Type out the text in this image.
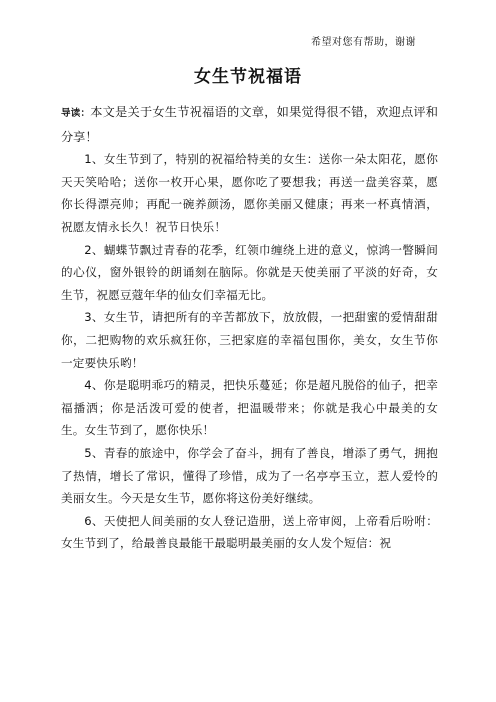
希望对您有帮助，谢谢
女生节祝福语

导读：本文是关于女生节祝福语的文章，如果觉得很不错，欢迎点评和分享！

1、女生节到了，特别的祝福给特美的女生：送你一朵太阳花，愿你天天笑哈哈；送你一枚开心果，愿你吃了要想我；再送一盘美容菜，愿你长得漂亮帅；再配一碗养颜汤，愿你美丽又健康；再来一杯真情酒，祝愿友情永长久！祝节日快乐！

2、蝴蝶节飘过青春的花季，红领巾缠绕上进的意义，惊鸿一瞥瞬间的心仪，窗外银铃的朗诵刻在脑际。你就是天使美丽了平淡的好奇，女生节，祝愿豆蔻年华的仙女们幸福无比。

3、女生节，请把所有的辛苦都放下，放放假，一把甜蜜的爱情甜甜你，二把购物的欢乐疯狂你，三把家庭的幸福包围你，美女，女生节你一定要快乐哟！

4、你是聪明乖巧的精灵，把快乐蔓延；你是超凡脱俗的仙子，把幸福播洒；你是活泼可爱的使者，把温暖带来；你就是我心中最美的女生。女生节到了，愿你快乐！

5、青春的旅途中，你学会了奋斗，拥有了善良，增添了勇气，拥抱了热情，增长了常识，懂得了珍惜，成为了一名亭亭玉立，惹人爱怜的美丽女生。今天是女生节，愿你将这份美好继续。

6、天使把人间美丽的女人登记造册，送上帝审阅，上帝看后吩咐：女生节到了，给最善良最能干最聪明最美丽的女人发个短信：祝
